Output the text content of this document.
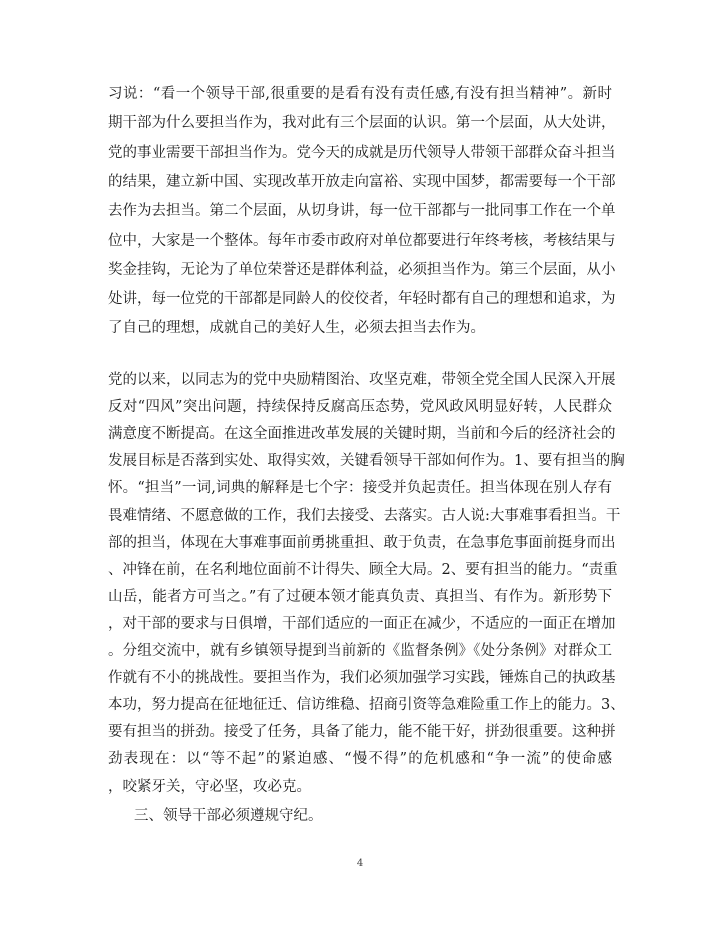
习说：“看一个领导干部,很重要的是看有没有责任感,有没有担当精神”。新时
期干部为什么要担当作为，我对此有三个层面的认识。第一个层面，从大处讲，
党的事业需要干部担当作为。党今天的成就是历代领导人带领干部群众奋斗担当
的结果，建立新中国、实现改革开放走向富裕、实现中国梦，都需要每一个干部
去作为去担当。第二个层面，从切身讲，每一位干部都与一批同事工作在一个单
位中，大家是一个整体。每年市委市政府对单位都要进行年终考核，考核结果与
奖金挂钩，无论为了单位荣誉还是群体利益，必须担当作为。第三个层面，从小
处讲，每一位党的干部都是同龄人的佼佼者，年轻时都有自己的理想和追求，为
了自己的理想，成就自己的美好人生，必须去担当去作为。
党的以来，以同志为的党中央励精图治、攻坚克难，带领全党全国人民深入开展
反对“四风”突出问题，持续保持反腐高压态势，党风政风明显好转，人民群众
满意度不断提高。在这全面推进改革发展的关键时期，当前和今后的经济社会的
发展目标是否落到实处、取得实效，关键看领导干部如何作为。1、要有担当的胸
怀。“担当”一词,词典的解释是七个字：接受并负起责任。担当体现在别人存有
畏难情绪、不愿意做的工作，我们去接受、去落实。古人说:大事难事看担当。干
部的担当，体现在大事难事面前勇挑重担、敢于负责，在急事危事面前挺身而出
、冲锋在前，在名利地位面前不计得失、顾全大局。2、要有担当的能力。“责重
山岳，能者方可当之。”有了过硬本领才能真负责、真担当、有作为。新形势下
，对干部的要求与日俱增，干部们适应的一面正在减少，不适应的一面正在增加
。分组交流中，就有乡镇领导提到当前新的《监督条例》《处分条例》对群众工
作就有不小的挑战性。要担当作为，我们必须加强学习实践，锤炼自己的执政基
本功，努力提高在征地征迁、信访维稳、招商引资等急难险重工作上的能力。3、
要有担当的拼劲。接受了任务，具备了能力，能不能干好，拼劲很重要。这种拼
劲表现在：以“等不起”的紧迫感、“慢不得”的危机感和“争一流”的使命感
，咬紧牙关，守必坚，攻必克。
三、领导干部必须遵规守纪。
4
